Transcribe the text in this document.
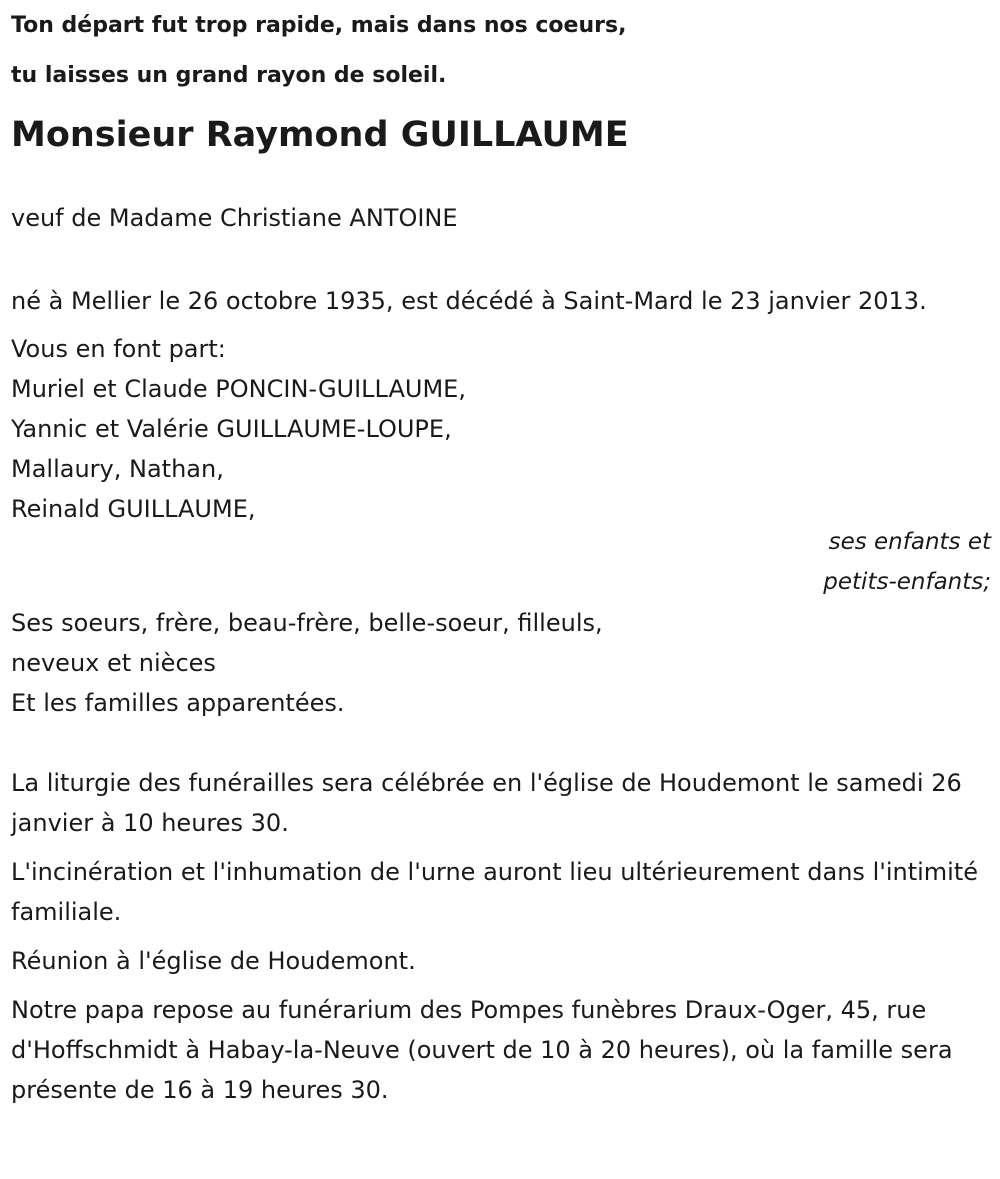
Ton départ fut trop rapide, mais dans nos coeurs,
tu laisses un grand rayon de soleil.
Monsieur Raymond GUILLAUME
veuf de Madame Christiane ANTOINE
né à Mellier le 26 octobre 1935, est décédé à Saint-Mard le 23 janvier 2013.
Vous en font part:
Muriel et Claude PONCIN-GUILLAUME,
Yannic et Valérie GUILLAUME-LOUPE,
Mallaury, Nathan,
Reinald GUILLAUME,
ses enfants et
petits-enfants;
Ses soeurs, frère, beau-frère, belle-soeur, filleuls,
neveux et nièces
Et les familles apparentées.
La liturgie des funérailles sera célébrée en l'église de Houdemont le samedi 26 janvier à 10 heures 30.
L'incinération et l'inhumation de l'urne auront lieu ultérieurement dans l'intimité familiale.
Réunion à l'église de Houdemont.
Notre papa repose au funérarium des Pompes funèbres Draux-Oger, 45, rue d'Hoffschmidt à Habay-la-Neuve (ouvert de 10 à 20 heures), où la famille sera présente de 16 à 19 heures 30.
